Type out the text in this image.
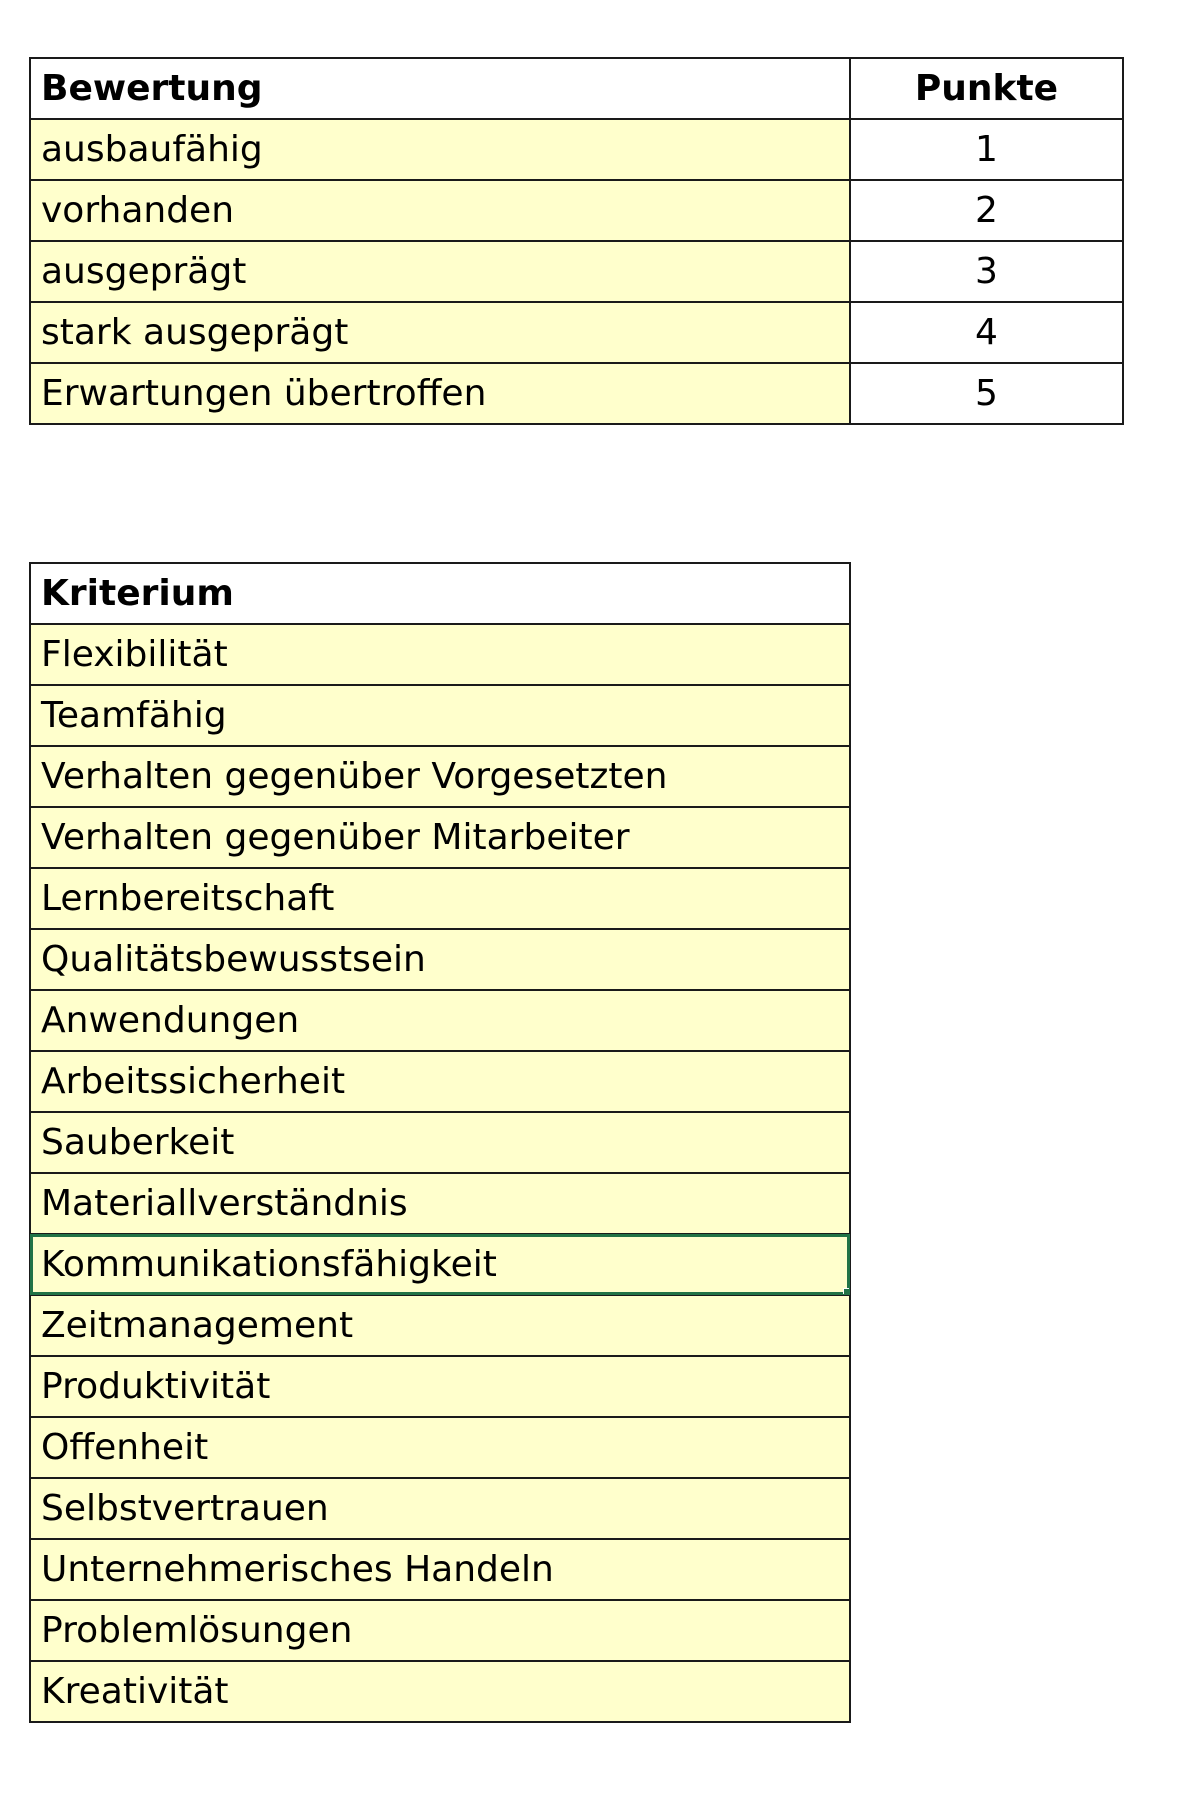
Bewertung	Punkte
ausbaufähig	1
vorhanden	2
ausgeprägt	3
stark ausgeprägt	4
Erwartungen übertroffen	5
Kriterium
Flexibilität
Teamfähig
Verhalten gegenüber Vorgesetzten
Verhalten gegenüber Mitarbeiter
Lernbereitschaft
Qualitätsbewusstsein
Anwendungen
Arbeitssicherheit
Sauberkeit
Materiallverständnis
Kommunikationsfähigkeit

Zeitmanagement
Produktivität
Offenheit
Selbstvertrauen
Unternehmerisches Handeln
Problemlösungen
Kreativität
